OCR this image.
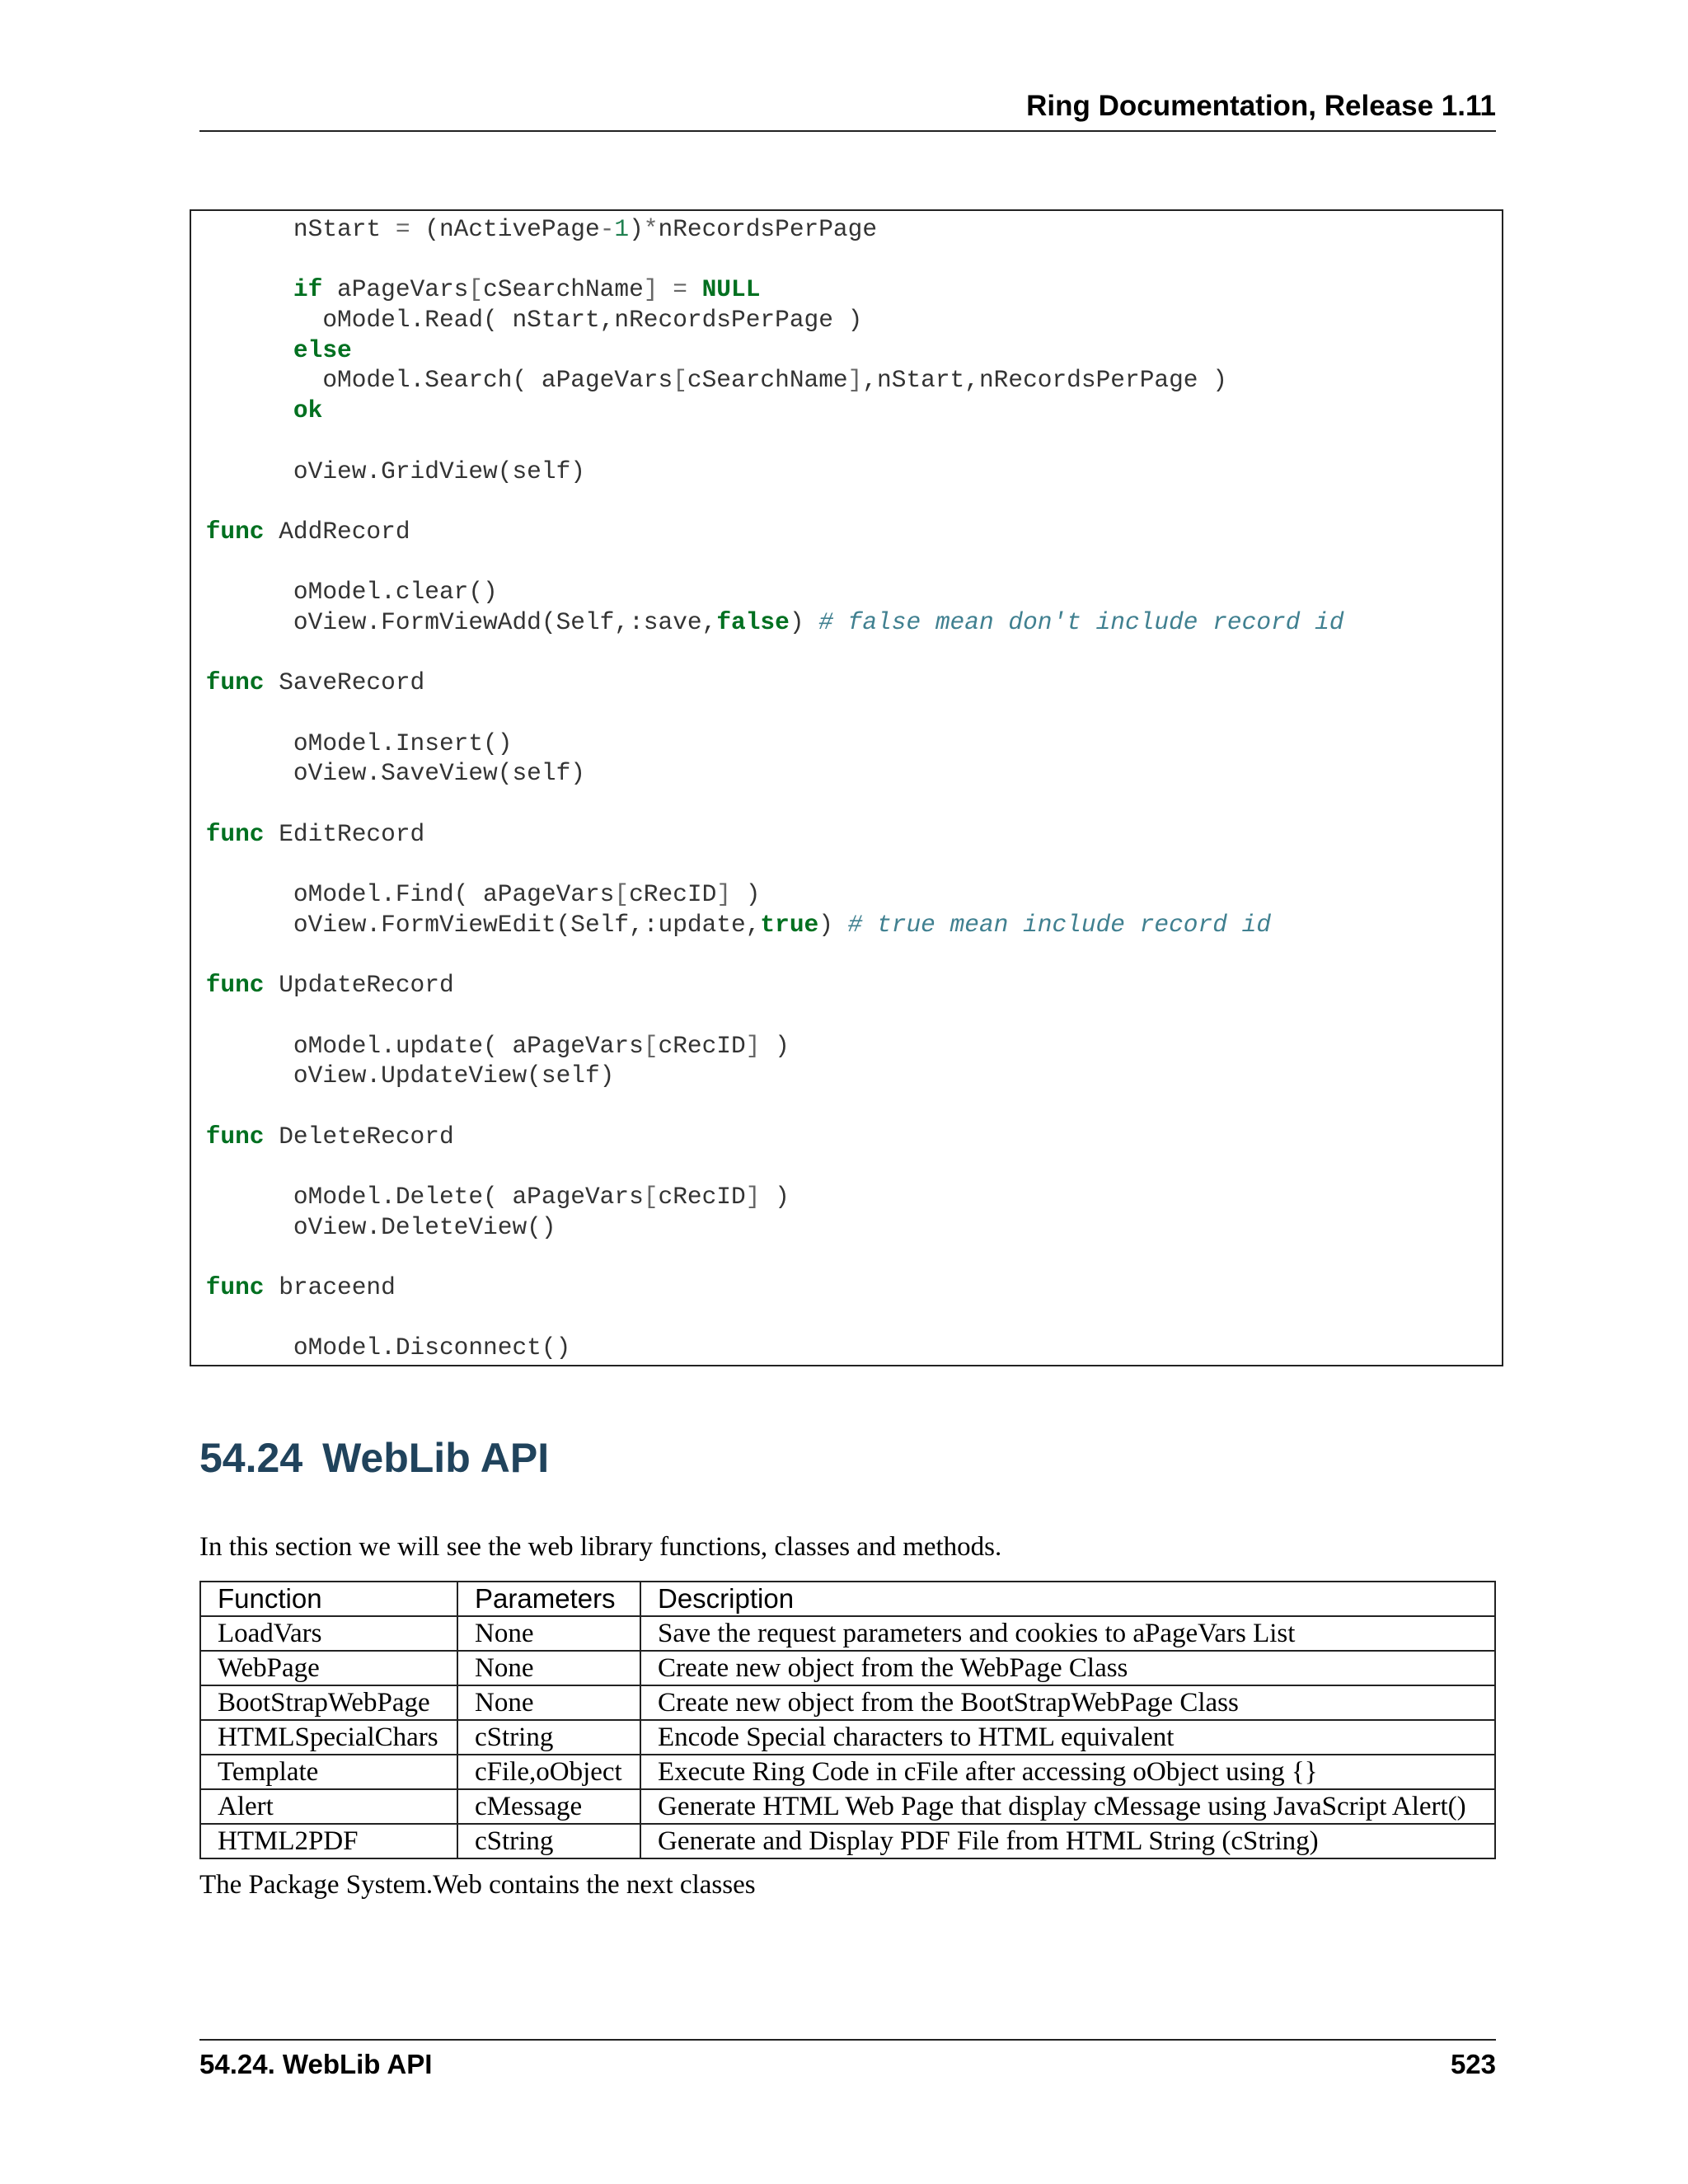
Ring Documentation, Release 1.11
nStart = (nActivePage-1)*nRecordsPerPage
if aPageVars[cSearchName] = NULL
oModel.Read( nStart,nRecordsPerPage )
else
oModel.Search( aPageVars[cSearchName],nStart,nRecordsPerPage )
ok
oView.GridView(self)
func AddRecord
oModel.clear()
oView.FormViewAdd(Self,:save,false) # false mean don't include record id
func SaveRecord
oModel.Insert()
oView.SaveView(self)
func EditRecord
oModel.Find( aPageVars[cRecID] )
oView.FormViewEdit(Self,:update,true) # true mean include record id
func UpdateRecord
oModel.update( aPageVars[cRecID] )
oView.UpdateView(self)
func DeleteRecord
oModel.Delete( aPageVars[cRecID] )
oView.DeleteView()
func braceend
oModel.Disconnect()
54.24 WebLib API
In this section we will see the web library functions, classes and methods.
Function	Parameters	Description
LoadVars	None	Save the request parameters and cookies to aPageVars List
WebPage	None	Create new object from the WebPage Class
BootStrapWebPage	None	Create new object from the BootStrapWebPage Class
HTMLSpecialChars	cString	Encode Special characters to HTML equivalent
Template	cFile,oObject	Execute Ring Code in cFile after accessing oObject using {}
Alert	cMessage	Generate HTML Web Page that display cMessage using JavaScript Alert()
HTML2PDF	cString	Generate and Display PDF File from HTML String (cString)
The Package System.Web contains the next classes
54.24. WebLib API	523
